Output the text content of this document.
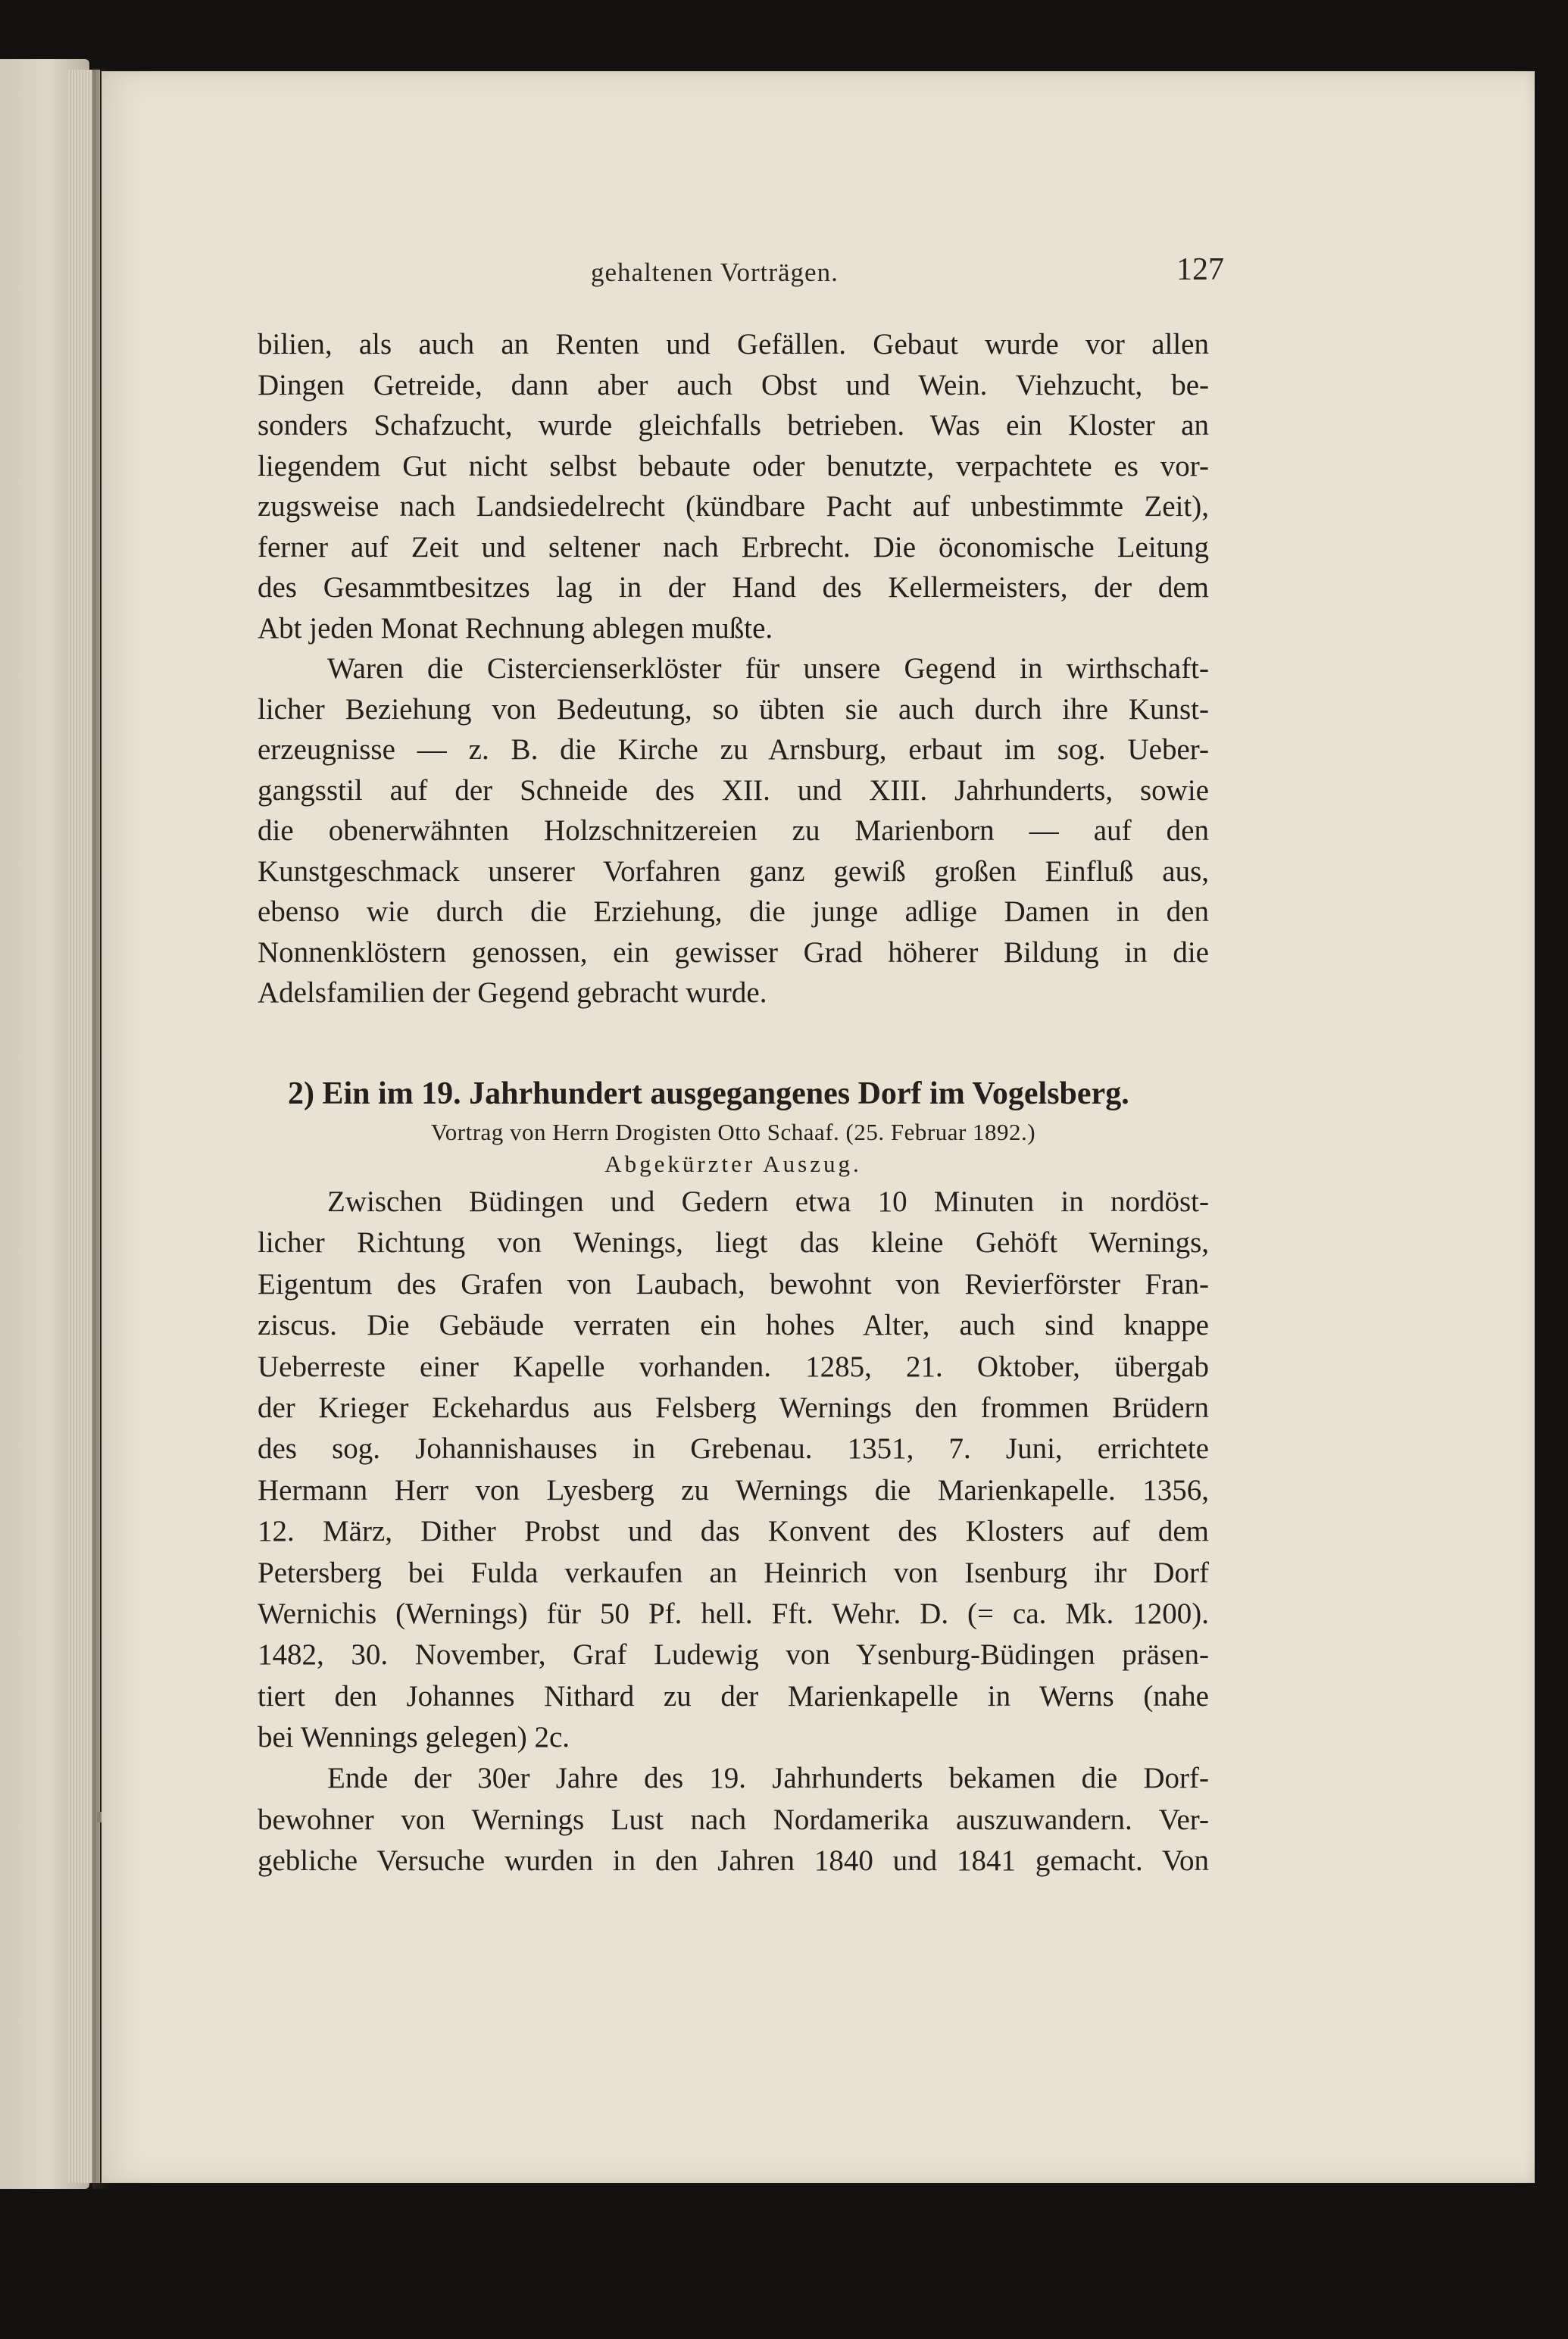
gehaltenen Vorträgen.	127
bilien, als auch an Renten und Gefällen. Gebaut wurde vor allen
Dingen Getreide, dann aber auch Obst und Wein. Viehzucht, be-
sonders Schafzucht, wurde gleichfalls betrieben. Was ein Kloster an
liegendem Gut nicht selbst bebaute oder benutzte, verpachtete es vor-
zugsweise nach Landsiedelrecht (kündbare Pacht auf unbestimmte Zeit),
ferner auf Zeit und seltener nach Erbrecht. Die öconomische Leitung
des Gesammtbesitzes lag in der Hand des Kellermeisters, der dem
Abt jeden Monat Rechnung ablegen mußte.
Waren die Cistercienserklöster für unsere Gegend in wirthschaft-
licher Beziehung von Bedeutung, so übten sie auch durch ihre Kunst-
erzeugnisse — z. B. die Kirche zu Arnsburg, erbaut im sog. Ueber-
gangsstil auf der Schneide des XII. und XIII. Jahrhunderts, sowie
die obenerwähnten Holzschnitzereien zu Marienborn — auf den
Kunstgeschmack unserer Vorfahren ganz gewiß großen Einfluß aus,
ebenso wie durch die Erziehung, die junge adlige Damen in den
Nonnenklöstern genossen, ein gewisser Grad höherer Bildung in die
Adelsfamilien der Gegend gebracht wurde.
2) Ein im 19. Jahrhundert ausgegangenes Dorf im Vogelsberg.
Vortrag von Herrn Drogisten Otto Schaaf. (25. Februar 1892.)
Abgekürzter Auszug.
Zwischen Büdingen und Gedern etwa 10 Minuten in nordöst-
licher Richtung von Wenings, liegt das kleine Gehöft Wernings,
Eigentum des Grafen von Laubach, bewohnt von Revierförster Fran-
ziscus. Die Gebäude verraten ein hohes Alter, auch sind knappe
Ueberreste einer Kapelle vorhanden. 1285, 21. Oktober, übergab
der Krieger Eckehardus aus Felsberg Wernings den frommen Brüdern
des sog. Johannishauses in Grebenau. 1351, 7. Juni, errichtete
Hermann Herr von Lyesberg zu Wernings die Marienkapelle. 1356,
12. März, Dither Probst und das Konvent des Klosters auf dem
Petersberg bei Fulda verkaufen an Heinrich von Isenburg ihr Dorf
Wernichis (Wernings) für 50 Pf. hell. Fft. Wehr. D. (= ca. Mk. 1200).
1482, 30. November, Graf Ludewig von Ysenburg-Büdingen präsen-
tiert den Johannes Nithard zu der Marienkapelle in Werns (nahe
bei Wennings gelegen) 2c.
Ende der 30er Jahre des 19. Jahrhunderts bekamen die Dorf-
bewohner von Wernings Lust nach Nordamerika auszuwandern. Ver-
gebliche Versuche wurden in den Jahren 1840 und 1841 gemacht. Von
